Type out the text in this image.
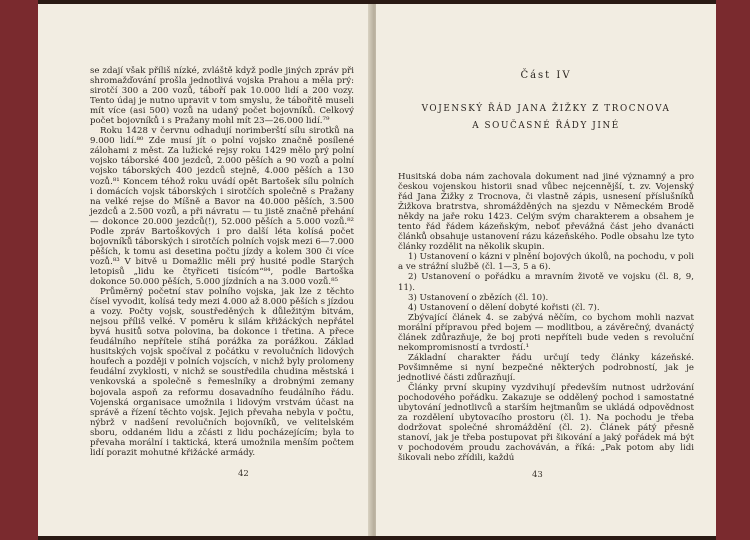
se zdají však příliš nízké, zvláště když podle jiných zpráv při shromažďování prošla jednotlivá vojska Prahou a měla prý: sirotčí 300 a 200 vozů, táboří pak 10.000 lidí a 200 vozy. Tento údaj je nutno upravit v tom smyslu, že tábořitě museli mít více (asi 500) vozů na udaný počet bojovníků. Celkový počet bojovníků i s Pražany mohl mít 23—26.000 lidí.⁷⁹

Roku 1428 v červnu odhadují norimberští sílu sirotků na 9.000 lidí.⁸⁰ Zde musí jít o polní vojsko značně posílené zálohami z měst. Za lužické rejsy roku 1429 mělo prý polní vojsko táborské 400 jezdců, 2.000 pěších a 90 vozů a polní vojsko táborských 400 jezdců stejně, 4.000 pěších a 130 vozů.⁸¹ Koncem téhož roku uvádí opět Bartošek sílu polních i domácích vojsk táborských i sirotčích společně s Pražany na velké rejse do Míšně a Bavor na 40.000 pěších, 3.500 jezdců a 2.500 vozů, a při návratu — tu jistě značně přehání — dokonce 20.000 jezdců(!), 52.000 pěších a 5.000 vozů.⁸² Podle zpráv Bartoškových i pro další léta kolísá počet bojovníků táborských i sirotčích polních vojsk mezi 6—7.000 pěších, k tomu asi desetina počtu jízdy a kolem 300 či více vozů.⁸³ V bitvě u Domažlic měli prý husité podle Starých letopisů „lidu ke čtyřiceti tisícóm“⁸⁴, podle Bartoška dokonce 50.000 pěších, 5.000 jízdních a na 3.000 vozů.⁸⁵

Průměrný početní stav polního vojska, jak lze z těchto čísel vyvodit, kolísá tedy mezi 4.000 až 8.000 pěších s jízdou a vozy. Počty vojsk, soustředěných k důležitým bitvám, nejsou příliš velké. V poměru k silám křižáckých nepřátel byvá husitů sotva polovina, ba dokonce i třetina. A přece feudálního nepřítele stíhá porážka za porážkou. Základ husitských vojsk spočíval z počátku v revolučních lidových houfech a později v polních vojscích, v nichž byly prolomeny feudální zvyklosti, v nichž se soustředila chudina městská i venkovská a společně s řemeslníky a drobnými zemany bojovala aspoň za reformu dosavadního feudálního řádu. Vojenská organisace umožnila i lidovým vrstvám účast na správě a řízení těchto vojsk. Jejich převaha nebyla v počtu, nýbrž v nadšení revolučních bojovníků, ve velitelském sboru, oddaném lidu a zčásti z lidu pocházejícím; byla to převaha morální i taktická, která umožnila menším počtem lidí porazit mohutné křižácké armády.

42
Část IV
VOJENSKÝ ŘÁD JANA ŽIŽKY Z TROCNOVA
A SOUČASNÉ ŘÁDY JINÉ

Husitská doba nám zachovala dokument nad jiné významný a pro českou vojenskou historii snad vůbec nejcennější, t. zv. Vojenský řád Jana Žižky z Trocnova, či vlastně zápis, usnesení příslušníků Žižkova bratrstva, shromážděných na sjezdu v Německém Brodě někdy na jaře roku 1423. Celým svým charakterem a obsahem je tento řád řádem kázeňským, neboť převážná část jeho dvanácti článků obsahuje ustanovení rázu kázeňského. Podle obsahu lze tyto články rozdělit na několik skupin.

1) Ustanovení o kázni v plnění bojových úkolů, na pochodu, v poli a ve strážní službě (čl. 1—3, 5 a 6).

2) Ustanovení o pořádku a mravním životě ve vojsku (čl. 8, 9, 11).

3) Ustanovení o zbězích (čl. 10).

4) Ustanovení o dělení dobyté kořisti (čl. 7).

Zbývající článek 4. se zabývá něčím, co bychom mohli nazvat morální přípravou před bojem — modlitbou, a závěrečný, dvanáctý článek zdůrazňuje, že boj proti nepříteli bude veden s revoluční nekompromisností a tvrdostí.¹

Základní charakter řádu určují tedy články kázeňské. Povšimněme si nyní bezpečné některých podrobností, jak je jednotlivé části zdůrazňují.

Články první skupiny vyzdvihují především nutnost udržování pochodového pořádku. Zakazuje se oddělený pochod i samostatné ubytování jednotlivců a starším hejtmanům se ukládá odpovědnost za rozdělení ubytovacího prostoru (čl. 1). Na pochodu je třeba dodržovat společné shromáždění (čl. 2). Článek pátý přesně stanoví, jak je třeba postupovat při šikování a jaký pořádek má být v pochodovém proudu zachováván, a říká: „Pak potom aby lidi šikovali nebo zřídili, každú

43
